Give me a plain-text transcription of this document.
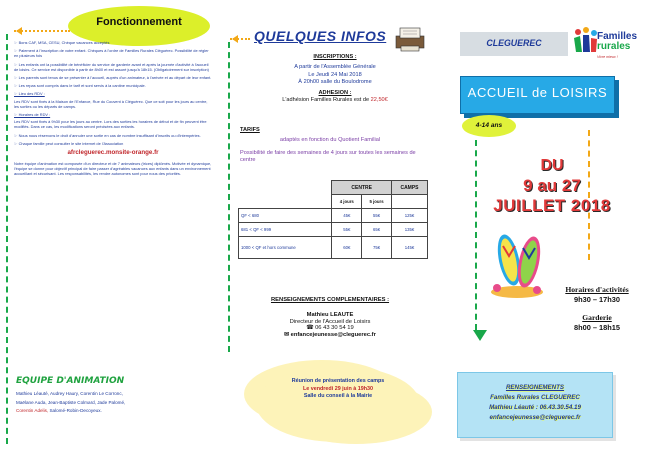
Fonctionnement

☞ Bons CAF, MSA, CESU, Chèque vacances acceptés

☞ Paiement à l'inscription de votre enfant. Chèques à l'ordre de Familles Rurales Cléguérec. Possibilité de régler en plusieurs fois

☞ Les enfants ont la possibilité de bénéficier du service de garderie avant et après la journée d'activité à l'accueil de loisirs. Ce service est disponible à partir de 8h00 et est assuré jusqu'à 18h15. (Obligatoirement sur inscription)

☞ Les parents sont tenus de se présenter à l'accueil, auprès d'un animateur, à l'arrivée et au départ de leur enfant.

☞ Les repas sont compris dans le tarif et sont servis à la cantine municipale.

☞ Lieu des RDV :

Les RDV sont fixés à la Maison de l'Enfance, Rue du Couvent à Cléguérec. Que ce soit pour les jours au centre, les sorties ou les départs de camps.

☞ Horaires de RDV :

Les RDV sont fixés à 9h30 pour les jours au centre. Lors des sorties les horaires de début et de fin peuvent être modifiés. Dans ce cas, les modifications seront précisées aux enfants.

☞ Nous nous réservons le droit d'annuler une sortie en cas de nombre insuffisant d'inscrits ou d'intempéries.

☞ Chaque famille peut consulter le site internet de l'Association

afrcleguerec.monsite-orange.fr

Notre équipe d'animation est composée d'un directeur et de 7 animateurs (trices) diplômés. Motivée et dynamique, l'équipe se donne pour objectif principal de faire passer d'agréables vacances aux enfants dans un environnement accueillant et sécurisant. Les responsabilités, les rendre autonomes sont pour nous des priorités.

EQUIPE D'ANIMATION
Mathieu Léauté, Audrey Haury, Corentin Le Corronc,
Maëlane Auda, Jean-Baptiste Colmard, Jade Palomé,
Corentin Adelis, Salomé-Robin-Decoyeux.
QUELQUES INFOS
INSCRIPTIONS :
A partir de l'Assemblée Générale
Le Jeudi 24 Mai 2018
À 20h00 salle du Boulodrome
ADHESION :
L'adhésion Familles Rurales est de 22,50€
TARIFS
adaptés en fonction du Quotient Familial
Possibilité de faire des semaines de 4 jours sur toutes les semaines de centre
	CENTRE		CAMPS
	4 jours	5 jours	
QF < 680	45€	55€	125€
681 < QF < 999	55€	65€	135€
1000 < QF et hors commune	60€	75€	145€
RENSEIGNEMENTS COMPLEMENTAIRES :
Mathieu LEAUTE
Directeur de l'Accueil de Loisirs
☎ 06 43 30 54 19
✉ enfancejeunesse@cleguerec.fr
Réunion de présentation des camps
Le vendredi 29 juin à 19h30
Salle du conseil à la Mairie
CLEGUEREC
Familles
rurales
Vivre mieux !
ACCUEIL de LOISIRS
4-14 ans
DU
9 au 27
JUILLET 2018
Horaires d'activités
9h30 – 17h30
Garderie
8h00 – 18h15
RENSEIGNEMENTS
Familles Rurales CLEGUEREC
Mathieu Léauté : 06.43.30.54.19
enfancejeunesse@cleguerec.fr
